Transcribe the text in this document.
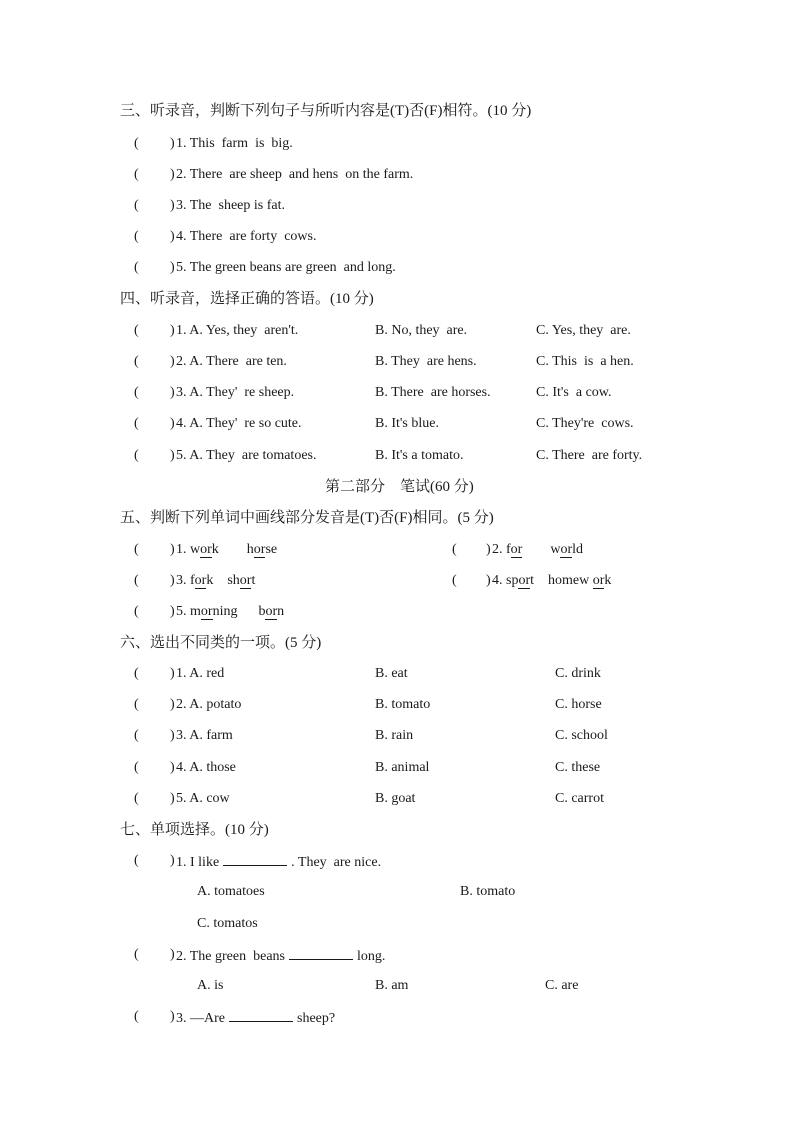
三、听录音，判断下列句子与所听内容是(T)否(F)相符。(10 分)
( ) 1. This  farm  is  big.
( ) 2. There  are sheep  and hens  on the farm.
( ) 3. The  sheep is fat.
( ) 4. There  are forty  cows.
( ) 5. The green beans are green  and long.
四、听录音，选择正确的答语。(10 分)
( ) 1. A. Yes, they  aren't.	B. No, they  are.	C. Yes, they  are.
( ) 2. A. There  are ten.	B. They  are hens.	C. This  is  a hen.
( ) 3. A. They'  re sheep.	B. There  are horses.	C. It's  a cow.
( ) 4. A. They'  re so cute.	B. It's blue.	C. They're  cows.
( ) 5. A. They  are tomatoes.	B. It's a tomato.	C. There  are forty.
第二部分    笔试(60 分)
五、判断下列单词中画线部分发音是(T)否(F)相同。(5 分)
( ) 1. work horse	( ) 2. for world
( ) 3. fork short	( ) 4. sport homew ork
( ) 5. morning born
六、选出不同类的一项。(5 分)
( ) 1. A. red	B. eat	C. drink
( ) 2. A. potato	B. tomato	C. horse
( ) 3. A. farm	B. rain	C. school
( ) 4. A. those	B. animal	C. these
( ) 5. A. cow	B. goat	C. carrot
七、单项选择。(10 分)
( ) 1. I like	. They  are nice.
A. tomatoes	B. tomato
C. tomatos
( ) 2. The green  beans	long.
A. is	B. am	C. are
( ) 3. —Are	sheep?
